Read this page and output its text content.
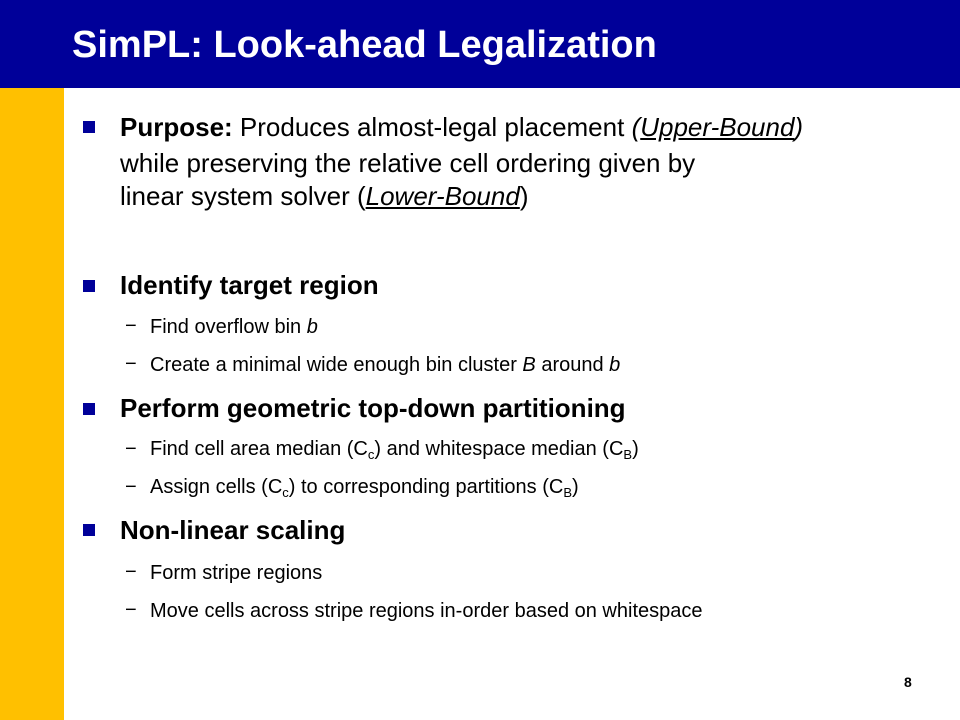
SimPL: Look-ahead Legalization
Purpose: Produces almost-legal placement (Upper-Bound)
while preserving the relative cell ordering given by
linear system solver (Lower-Bound)
Identify target region
− Find overflow bin b
− Create a minimal wide enough bin cluster B around b
Perform geometric top-down partitioning
− Find cell area median $(C_c)$ and whitespace median $(C_B)$
− Assign cells $(C_c)$ to corresponding partitions $(C_B)$
Non-linear scaling
− Form stripe regions
− Move cells across stripe regions in-order based on whitespace
8
